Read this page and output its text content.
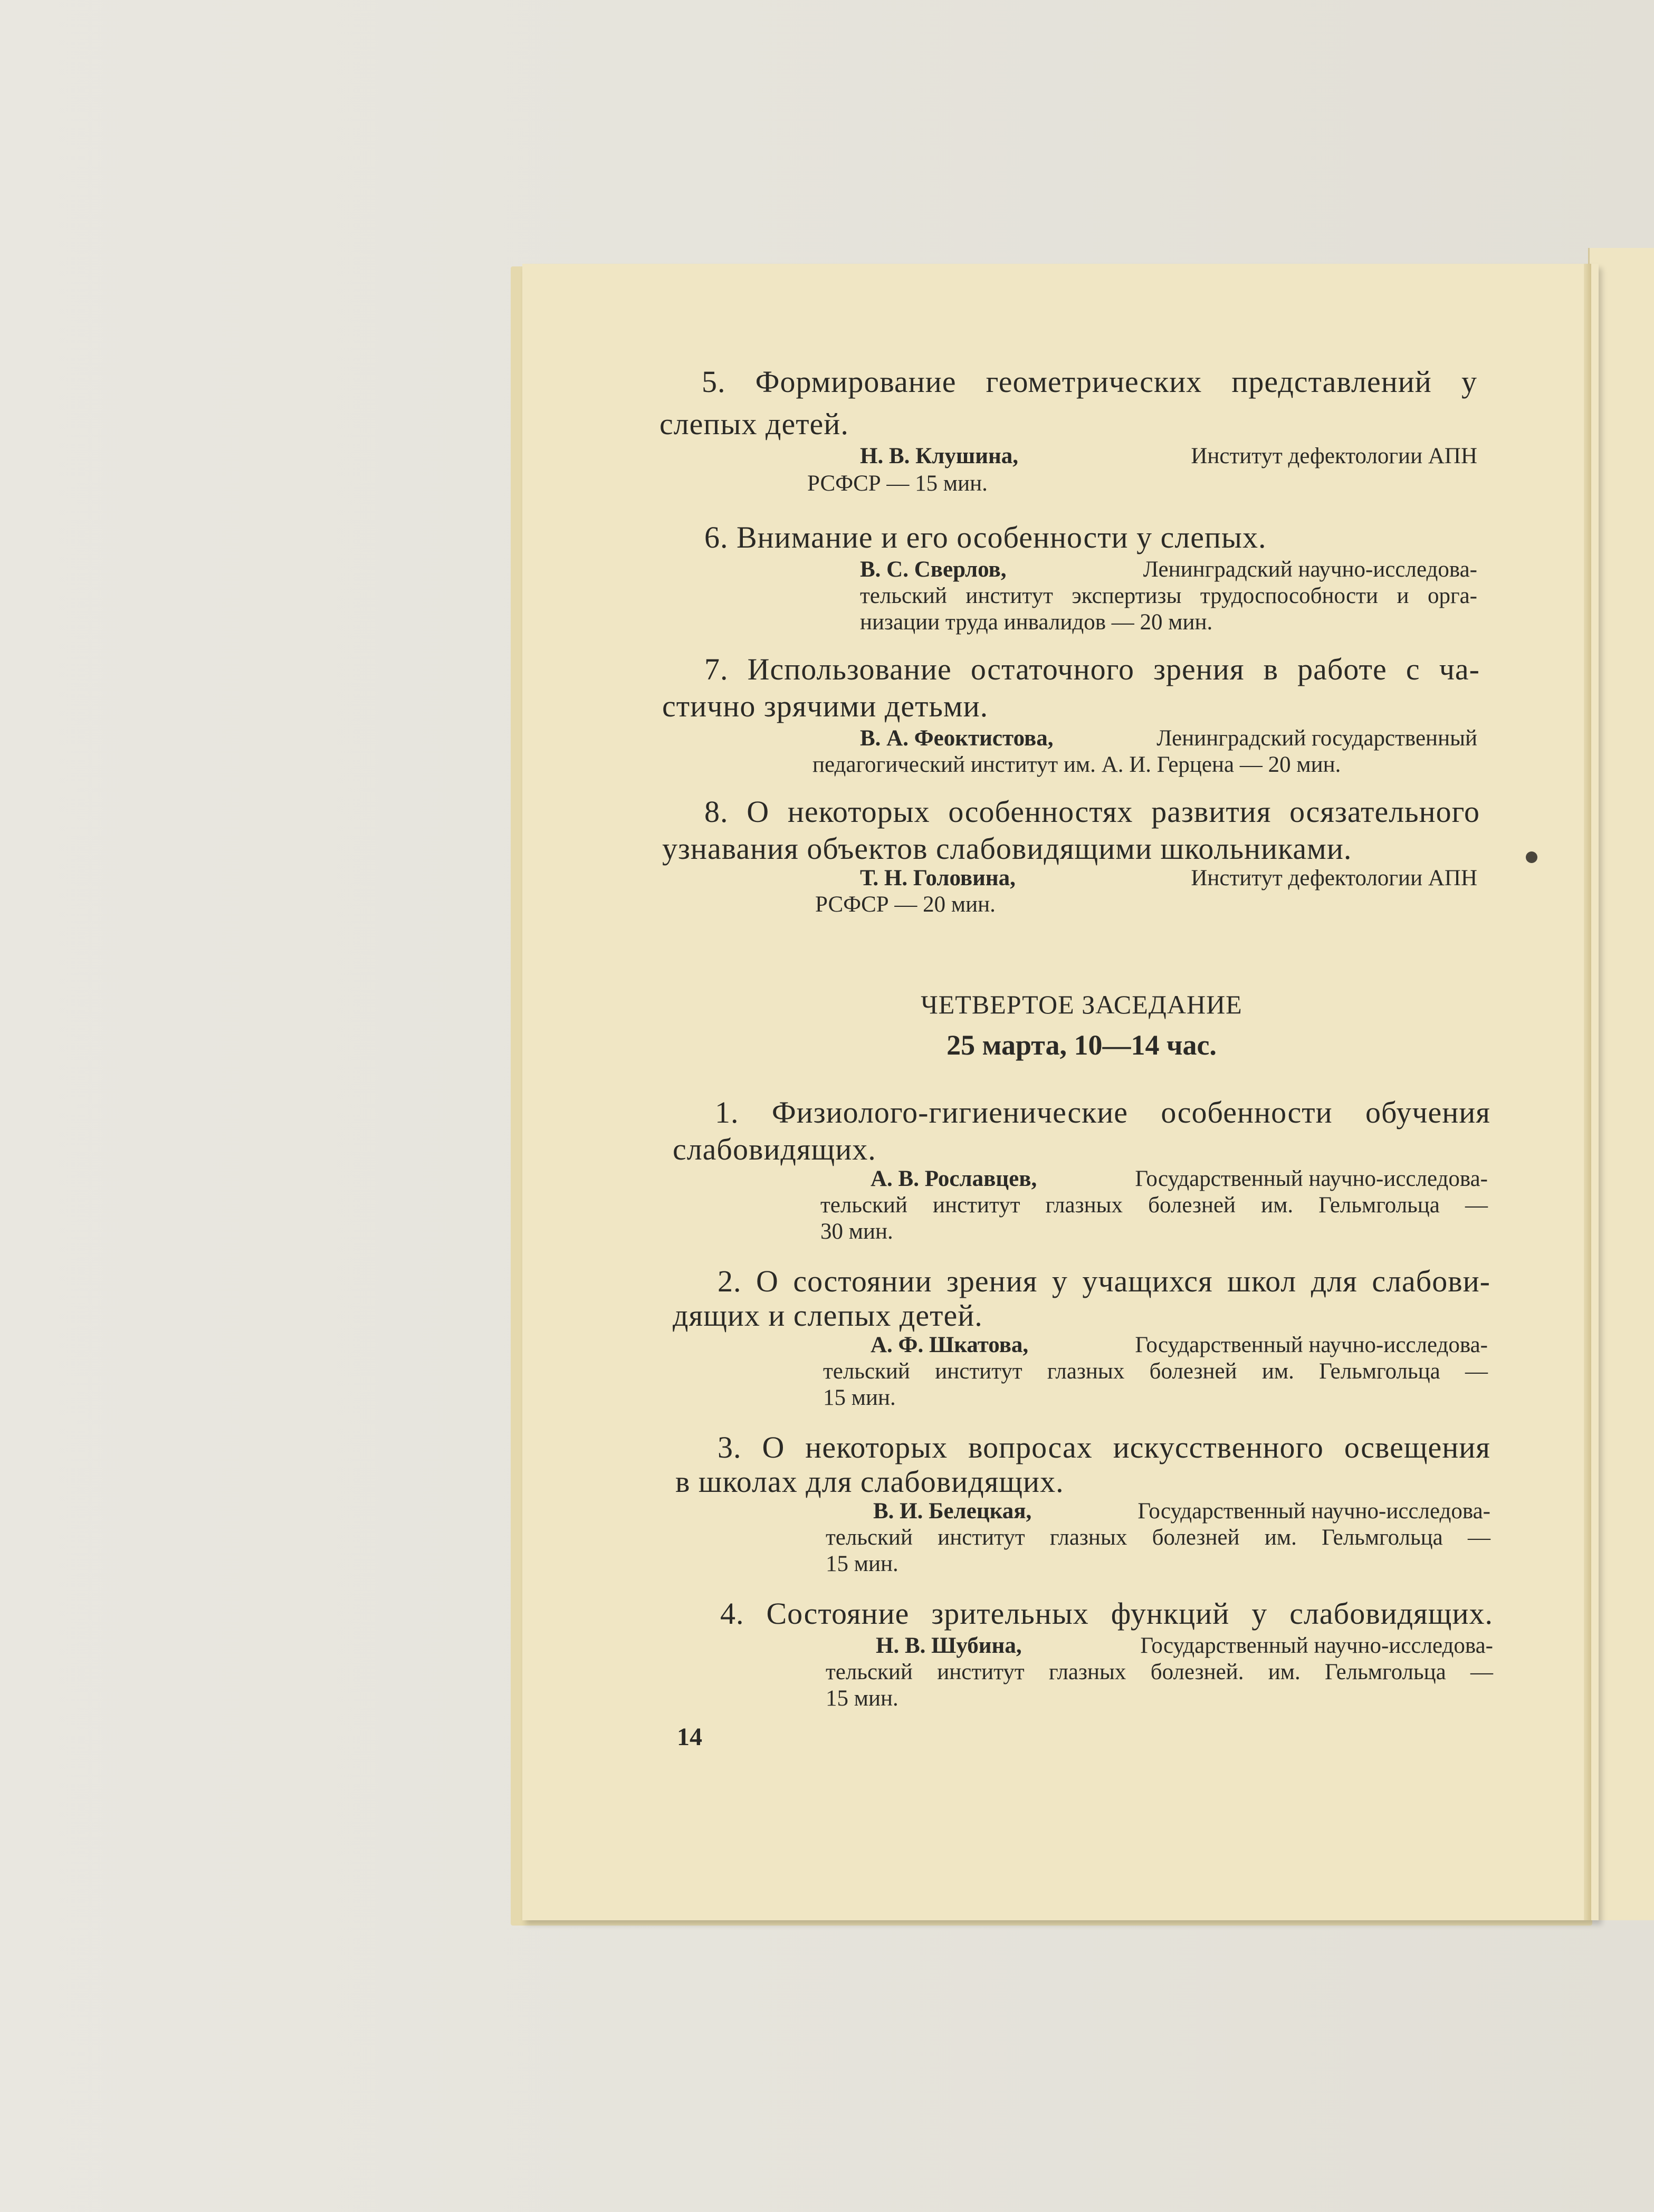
5. Формирование геометрических представлений у
слепых детей.
Н. В. Клушина,	Институт дефектологии АПН
РСФСР — 15 мин.
6. Внимание и его особенности у слепых.
В. С. Сверлов,	Ленинградский научно-исследова-
тельский институт экспертизы трудоспособности и орга-
низации труда инвалидов — 20 мин.
7. Использование остаточного зрения в работе с ча-
стично зрячими детьми.
В. А. Феоктистова,	Ленинградский государственный
педагогический институт им. А. И. Герцена — 20 мин.
8. О некоторых особенностях развития осязательного
узнавания объектов слабовидящими школьниками.
Т. Н. Головина,	Институт дефектологии АПН
РСФСР — 20 мин.
ЧЕТВЕРТОЕ ЗАСЕДАНИЕ
25 марта, 10—14 час.
1. Физиолого-гигиенические особенности обучения
слабовидящих.
А. В. Рославцев,	Государственный научно-исследова-
тельский институт глазных болезней им. Гельмгольца —
30 мин.
2. О состоянии зрения у учащихся школ для слабови-
дящих и слепых детей.
А. Ф. Шкатова,	Государственный научно-исследова-
тельский институт глазных болезней им. Гельмгольца —
15 мин.
3. О некоторых вопросах искусственного освещения
в школах для слабовидящих.
В. И. Белецкая,	Государственный научно-исследова-
тельский институт глазных болезней им. Гельмгольца —
15 мин.
4. Состояние зрительных функций у слабовидящих.
Н. В. Шубина,	Государственный научно-исследова-
тельский институт глазных болезней. им. Гельмгольца —
15 мин.
14
